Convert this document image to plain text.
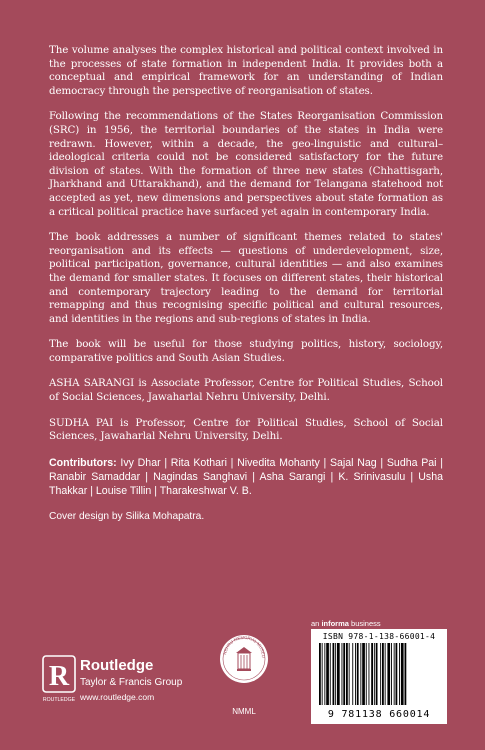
The volume analyses the complex historical and political context involved in the processes of state formation in independent India. It provides both a conceptual and empirical framework for an understanding of Indian democracy through the perspective of reorganisation of states.

Following the recommendations of the States Reorganisation Commission (SRC) in 1956, the territorial boundaries of the states in India were redrawn. However, within a decade, the geo-linguistic and cultural–ideological criteria could not be considered satisfactory for the future division of states. With the formation of three new states (Chhattisgarh, Jharkhand and Uttarakhand), and the demand for Telangana statehood not accepted as yet, new dimensions and perspectives about state formation as a critical political practice have surfaced yet again in contemporary India.

The book addresses a number of significant themes related to states' reorganisation and its effects — questions of underdevelopment, size, political participation, governance, cultural identities — and also examines the demand for smaller states. It focuses on different states, their historical and contemporary trajectory leading to the demand for territorial remapping and thus recognising specific political and cultural resources, and identities in the regions and sub-regions of states in India.

The book will be useful for those studying politics, history, sociology, comparative politics and South Asian Studies.

ASHA SARANGI is Associate Professor, Centre for Political Studies, School of Social Sciences, Jawaharlal Nehru University, Delhi.

SUDHA PAI is Professor, Centre for Political Studies, School of Social Sciences, Jawaharlal Nehru University, Delhi.

Contributors: Ivy Dhar | Rita Kothari | Nivedita Mohanty | Sajal Nag | Sudha Pai | Ranabir Samaddar | Nagindas Sanghavi | Asha Sarangi | K. Srinivasulu | Usha Thakkar | Louise Tillin | Tharakeshwar V. B.

Cover design by Silika Mohapatra.

R
ROUTLEDGE
Routledge
Taylor & Francis Group
www.routledge.com
NEHRU MEMORIAL MUSEU
NMML
an informa business
ISBN 978-1-138-66001-4
9 781138 660014
